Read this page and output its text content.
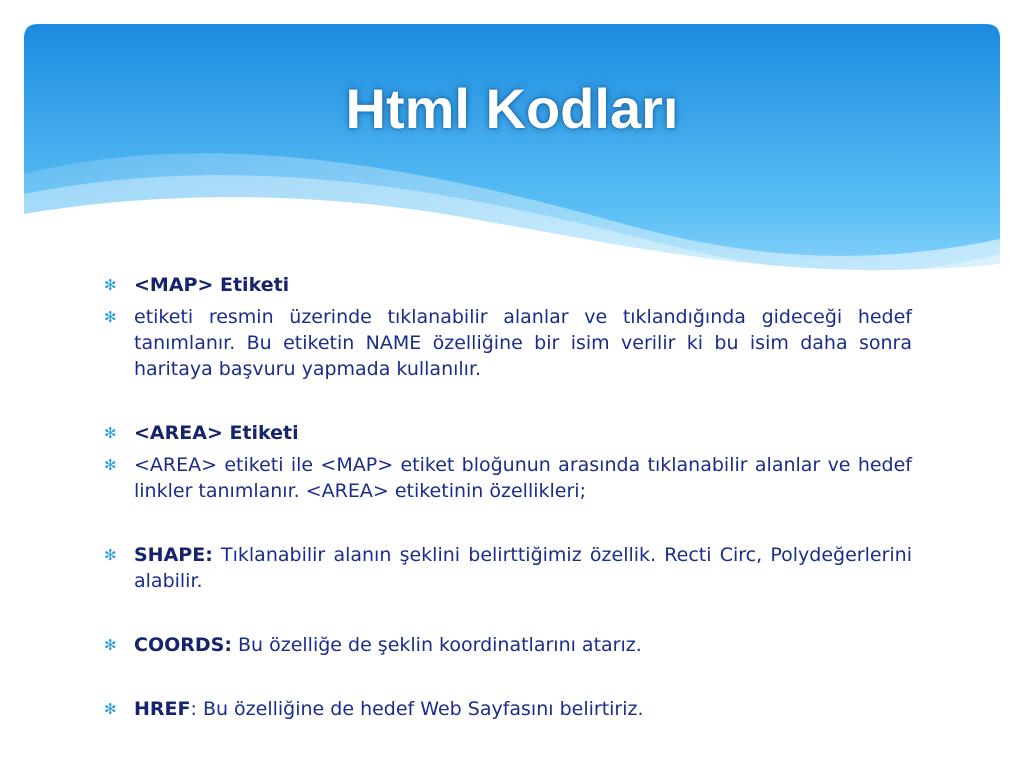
Html Kodları

✻ <MAP> Etiketi

✻ etiketi resmin üzerinde tıklanabilir alanlar ve tıklandığında gideceği hedef tanımlanır. Bu etiketin NAME özelliğine bir isim verilir ki bu isim daha sonra haritaya başvuru yapmada kullanılır.

✻ <AREA> Etiketi

✻ <AREA> etiketi ile <MAP> etiket bloğunun arasında tıklanabilir alanlar ve hedef linkler tanımlanır. <AREA> etiketinin özellikleri;

✻ SHAPE: Tıklanabilir alanın şeklini belirttiğimiz özellik. Recti Circ, Polydeğerlerini alabilir.

✻ COORDS: Bu özelliğe de şeklin koordinatlarını atarız.

✻ HREF: Bu özelliğine de hedef Web Sayfasını belirtiriz.
